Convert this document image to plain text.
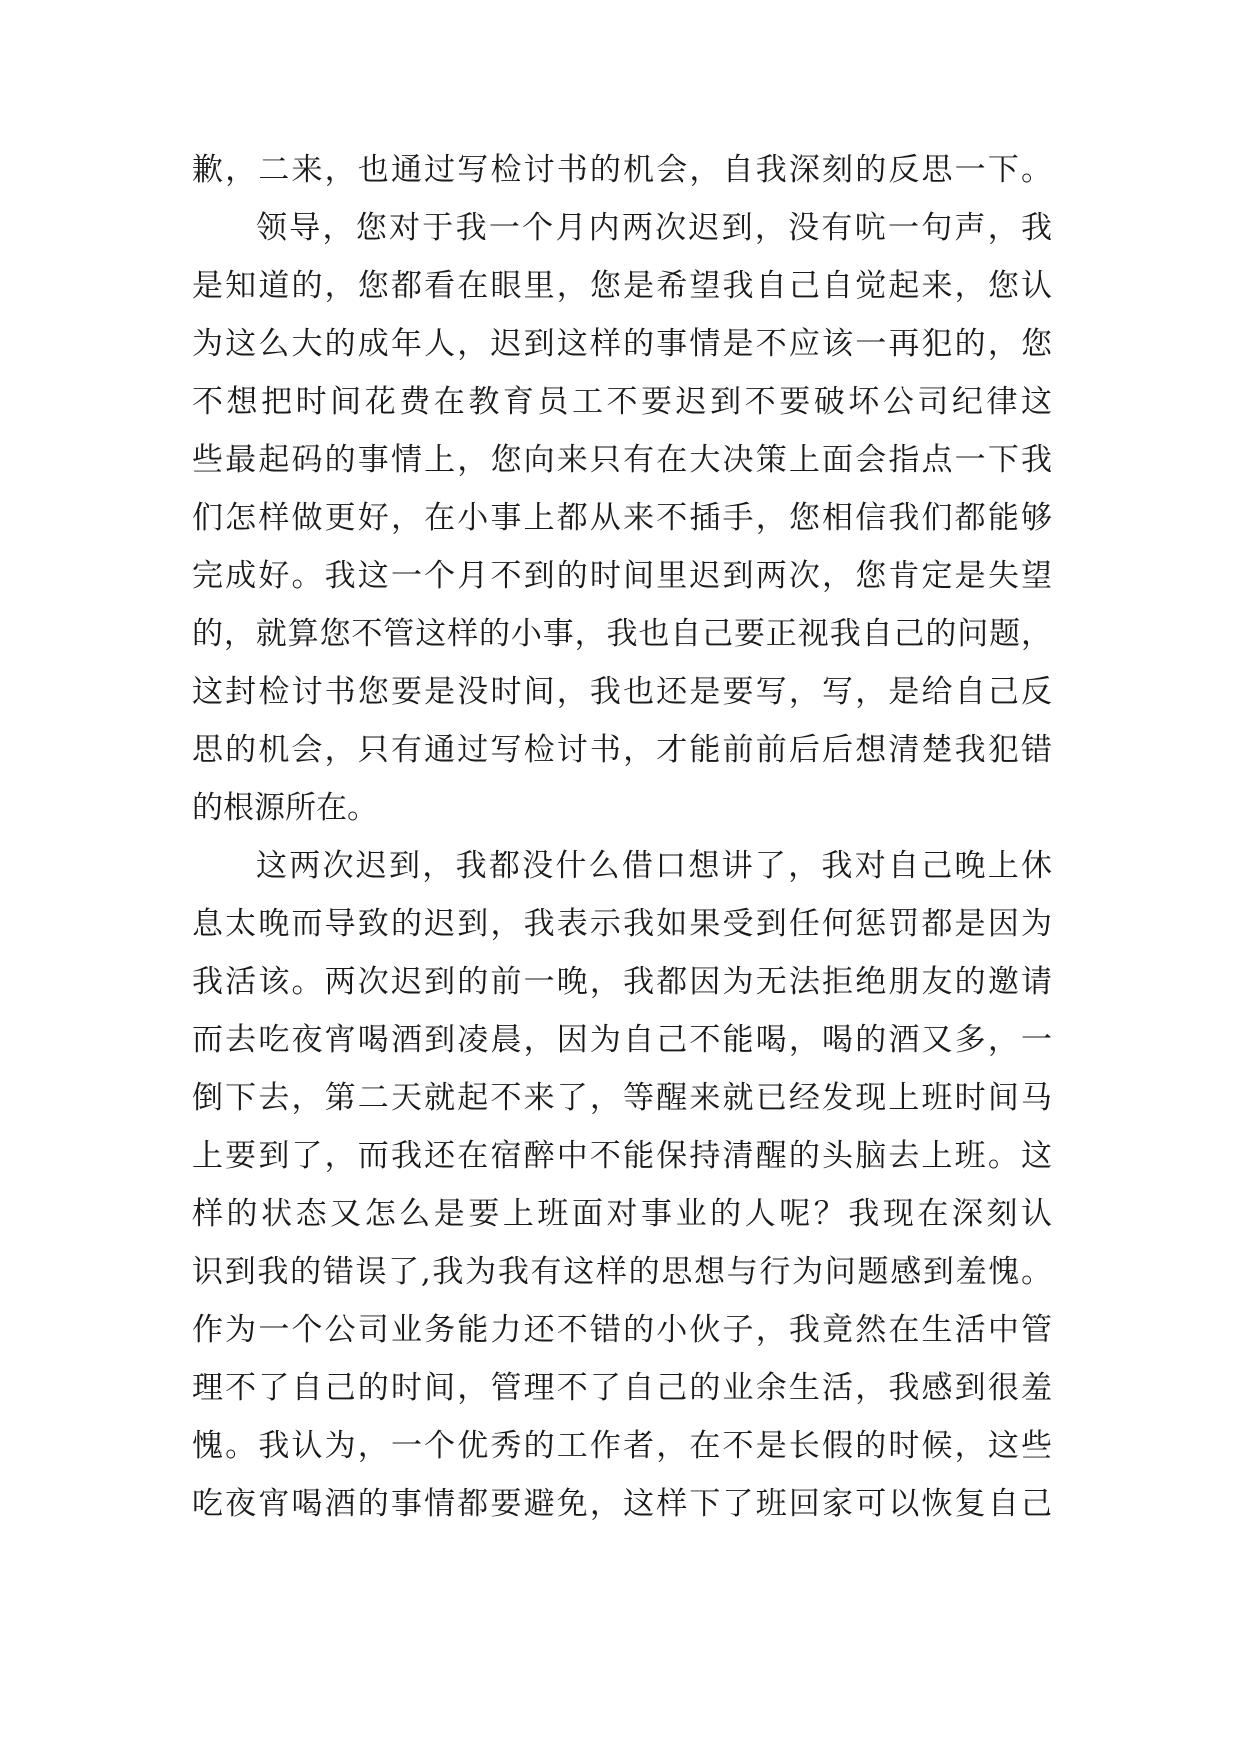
歉，二来，也通过写检讨书的机会，自我深刻的反思一下。
领导，您对于我一个月内两次迟到，没有吭一句声，我
是知道的，您都看在眼里，您是希望我自己自觉起来，您认
为这么大的成年人，迟到这样的事情是不应该一再犯的，您
不想把时间花费在教育员工不要迟到不要破坏公司纪律这
些最起码的事情上，您向来只有在大决策上面会指点一下我
们怎样做更好，在小事上都从来不插手，您相信我们都能够
完成好。我这一个月不到的时间里迟到两次，您肯定是失望
的，就算您不管这样的小事，我也自己要正视我自己的问题，
这封检讨书您要是没时间，我也还是要写，写，是给自己反
思的机会，只有通过写检讨书，才能前前后后想清楚我犯错
的根源所在。
这两次迟到，我都没什么借口想讲了，我对自己晚上休
息太晚而导致的迟到，我表示我如果受到任何惩罚都是因为
我活该。两次迟到的前一晚，我都因为无法拒绝朋友的邀请
而去吃夜宵喝酒到凌晨，因为自己不能喝，喝的酒又多，一
倒下去，第二天就起不来了，等醒来就已经发现上班时间马
上要到了，而我还在宿醉中不能保持清醒的头脑去上班。这
样的状态又怎么是要上班面对事业的人呢？我现在深刻认
识到我的错误了,我为我有这样的思想与行为问题感到羞愧。
作为一个公司业务能力还不错的小伙子，我竟然在生活中管
理不了自己的时间，管理不了自己的业余生活，我感到很羞
愧。我认为，一个优秀的工作者，在不是长假的时候，这些
吃夜宵喝酒的事情都要避免，这样下了班回家可以恢复自己
